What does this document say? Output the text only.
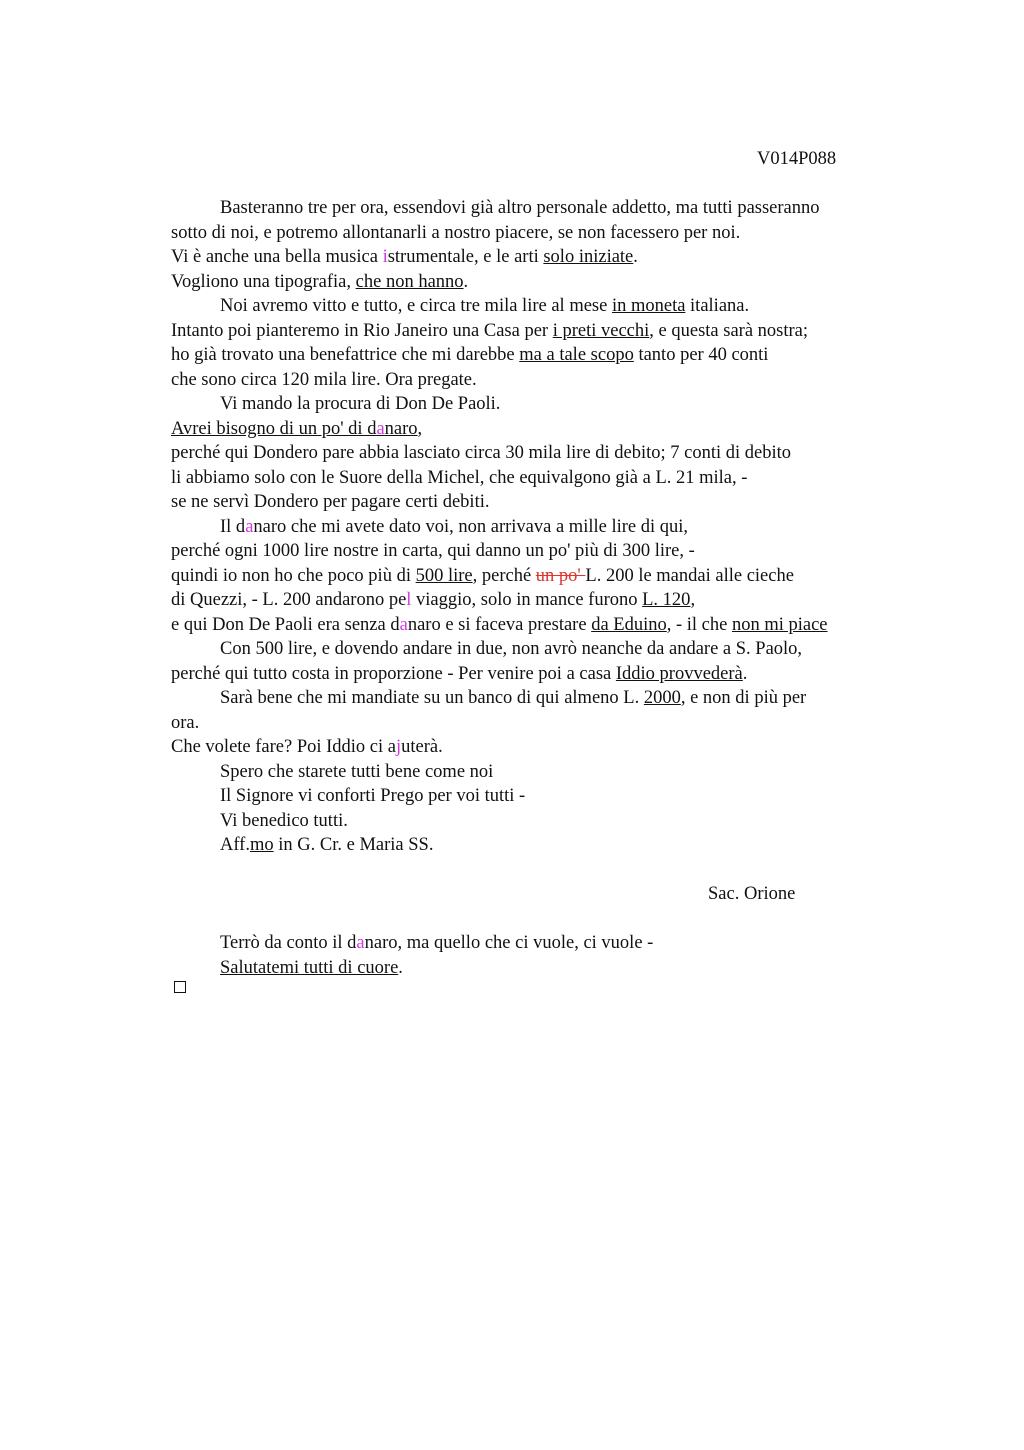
V014P088
Basteranno tre per ora, essendovi già altro personale addetto, ma tutti passeranno
sotto di noi, e potremo allontanarli a nostro piacere, se non facessero per noi.
Vi è anche una bella musica istrumentale, e le arti solo iniziate.
Vogliono una tipografia, che non hanno.
Noi avremo vitto e tutto, e circa tre mila lire al mese in moneta italiana.
Intanto poi pianteremo in Rio Janeiro una Casa per i preti vecchi, e questa sarà nostra;
ho già trovato una benefattrice che mi darebbe ma a tale scopo tanto per 40 conti
che sono circa 120 mila lire. Ora pregate.
Vi mando la procura di Don De Paoli.
Avrei bisogno di un po' di danaro,
perché qui Dondero pare abbia lasciato circa 30 mila lire di debito; 7 conti di debito
li abbiamo solo con le Suore della Michel, che equivalgono già a L. 21 mila, -
se ne servì Dondero per pagare certi debiti.
Il danaro che mi avete dato voi, non arrivava a mille lire di qui,
perché ogni 1000 lire nostre in carta, qui danno un po' più di 300 lire, -
quindi io non ho che poco più di 500 lire, perché un po' L. 200 le mandai alle cieche
di Quezzi, - L. 200 andarono pel viaggio, solo in mance furono L. 120,
e qui Don De Paoli era senza danaro e si faceva prestare da Eduino, - il che non mi piace
Con 500 lire, e dovendo andare in due, non avrò neanche da andare a S. Paolo,
perché qui tutto costa in proporzione - Per venire poi a casa Iddio provvederà.
Sarà bene che mi mandiate su un banco di qui almeno L. 2000, e non di più per
ora.
Che volete fare? Poi Iddio ci ajuterà.
Spero che starete tutti bene come noi
Il Signore vi conforti Prego per voi tutti -
Vi benedico tutti.
Aff.mo in G. Cr. e Maria SS.
Sac. Orione
Terrò da conto il danaro, ma quello che ci vuole, ci vuole -
Salutatemi tutti di cuore.
